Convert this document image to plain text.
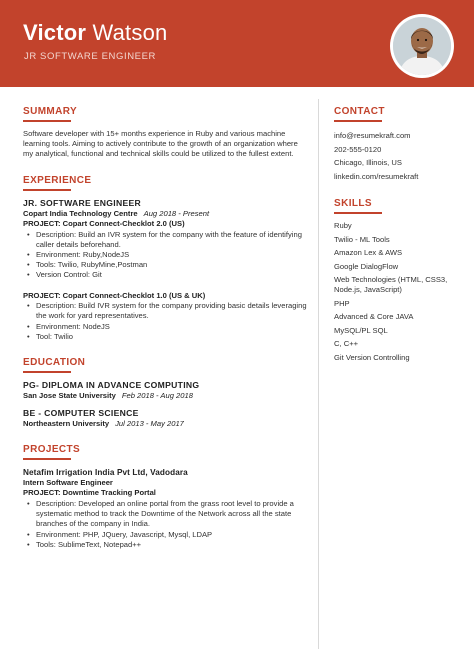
Victor Watson
JR SOFTWARE ENGINEER
SUMMARY
Software developer with 15+ months experience in Ruby and various machine learning tools. Aiming to actively contribute to the growth of an organization where my analytical, functional and technical skills could be utilized to the fullest extent.
EXPERIENCE
JR. SOFTWARE ENGINEER
Copart India Technology Centre Aug 2018 - Present
PROJECT: Copart Connect-Checklot 2.0 (US)
• Description: Build an IVR system for the company with the feature of identifying caller details beforehand.
• Environment: Ruby,NodeJS
• Tools: Twilio, RubyMine,Postman
• Version Control: Git
PROJECT: Copart Connect-Checklot 1.0 (US & UK)
• Description: Build IVR system for the company providing basic details leveraging the work for yard representatives.
• Environment: NodeJS
• Tool: Twilio
EDUCATION
PG- DIPLOMA IN ADVANCE COMPUTING
San Jose State University Feb 2018 - Aug 2018
BE - COMPUTER SCIENCE
Northeastern University Jul 2013 - May 2017
PROJECTS
Netafim Irrigation India Pvt Ltd, Vadodara
Intern Software Engineer
PROJECT: Downtime Tracking Portal
• Description: Developed an online portal from the grass root level to provide a systematic method to track the Downtime of the Network across all the state branches of the company in India.
• Environment: PHP, JQuery, Javascript, Mysql, LDAP
• Tools: SublimeText, Notepad++
CONTACT
info@resumekraft.com
202-555-0120
Chicago, Illinois, US
linkedin.com/resumekraft
SKILLS
Ruby
Twilio - ML Tools
Amazon Lex & AWS
Google DialogFlow
Web Technologies (HTML, CSS3, Node.js, JavaScript)
PHP
Advanced & Core JAVA
MySQL/PL SQL
C, C++
Git Version Controlling
